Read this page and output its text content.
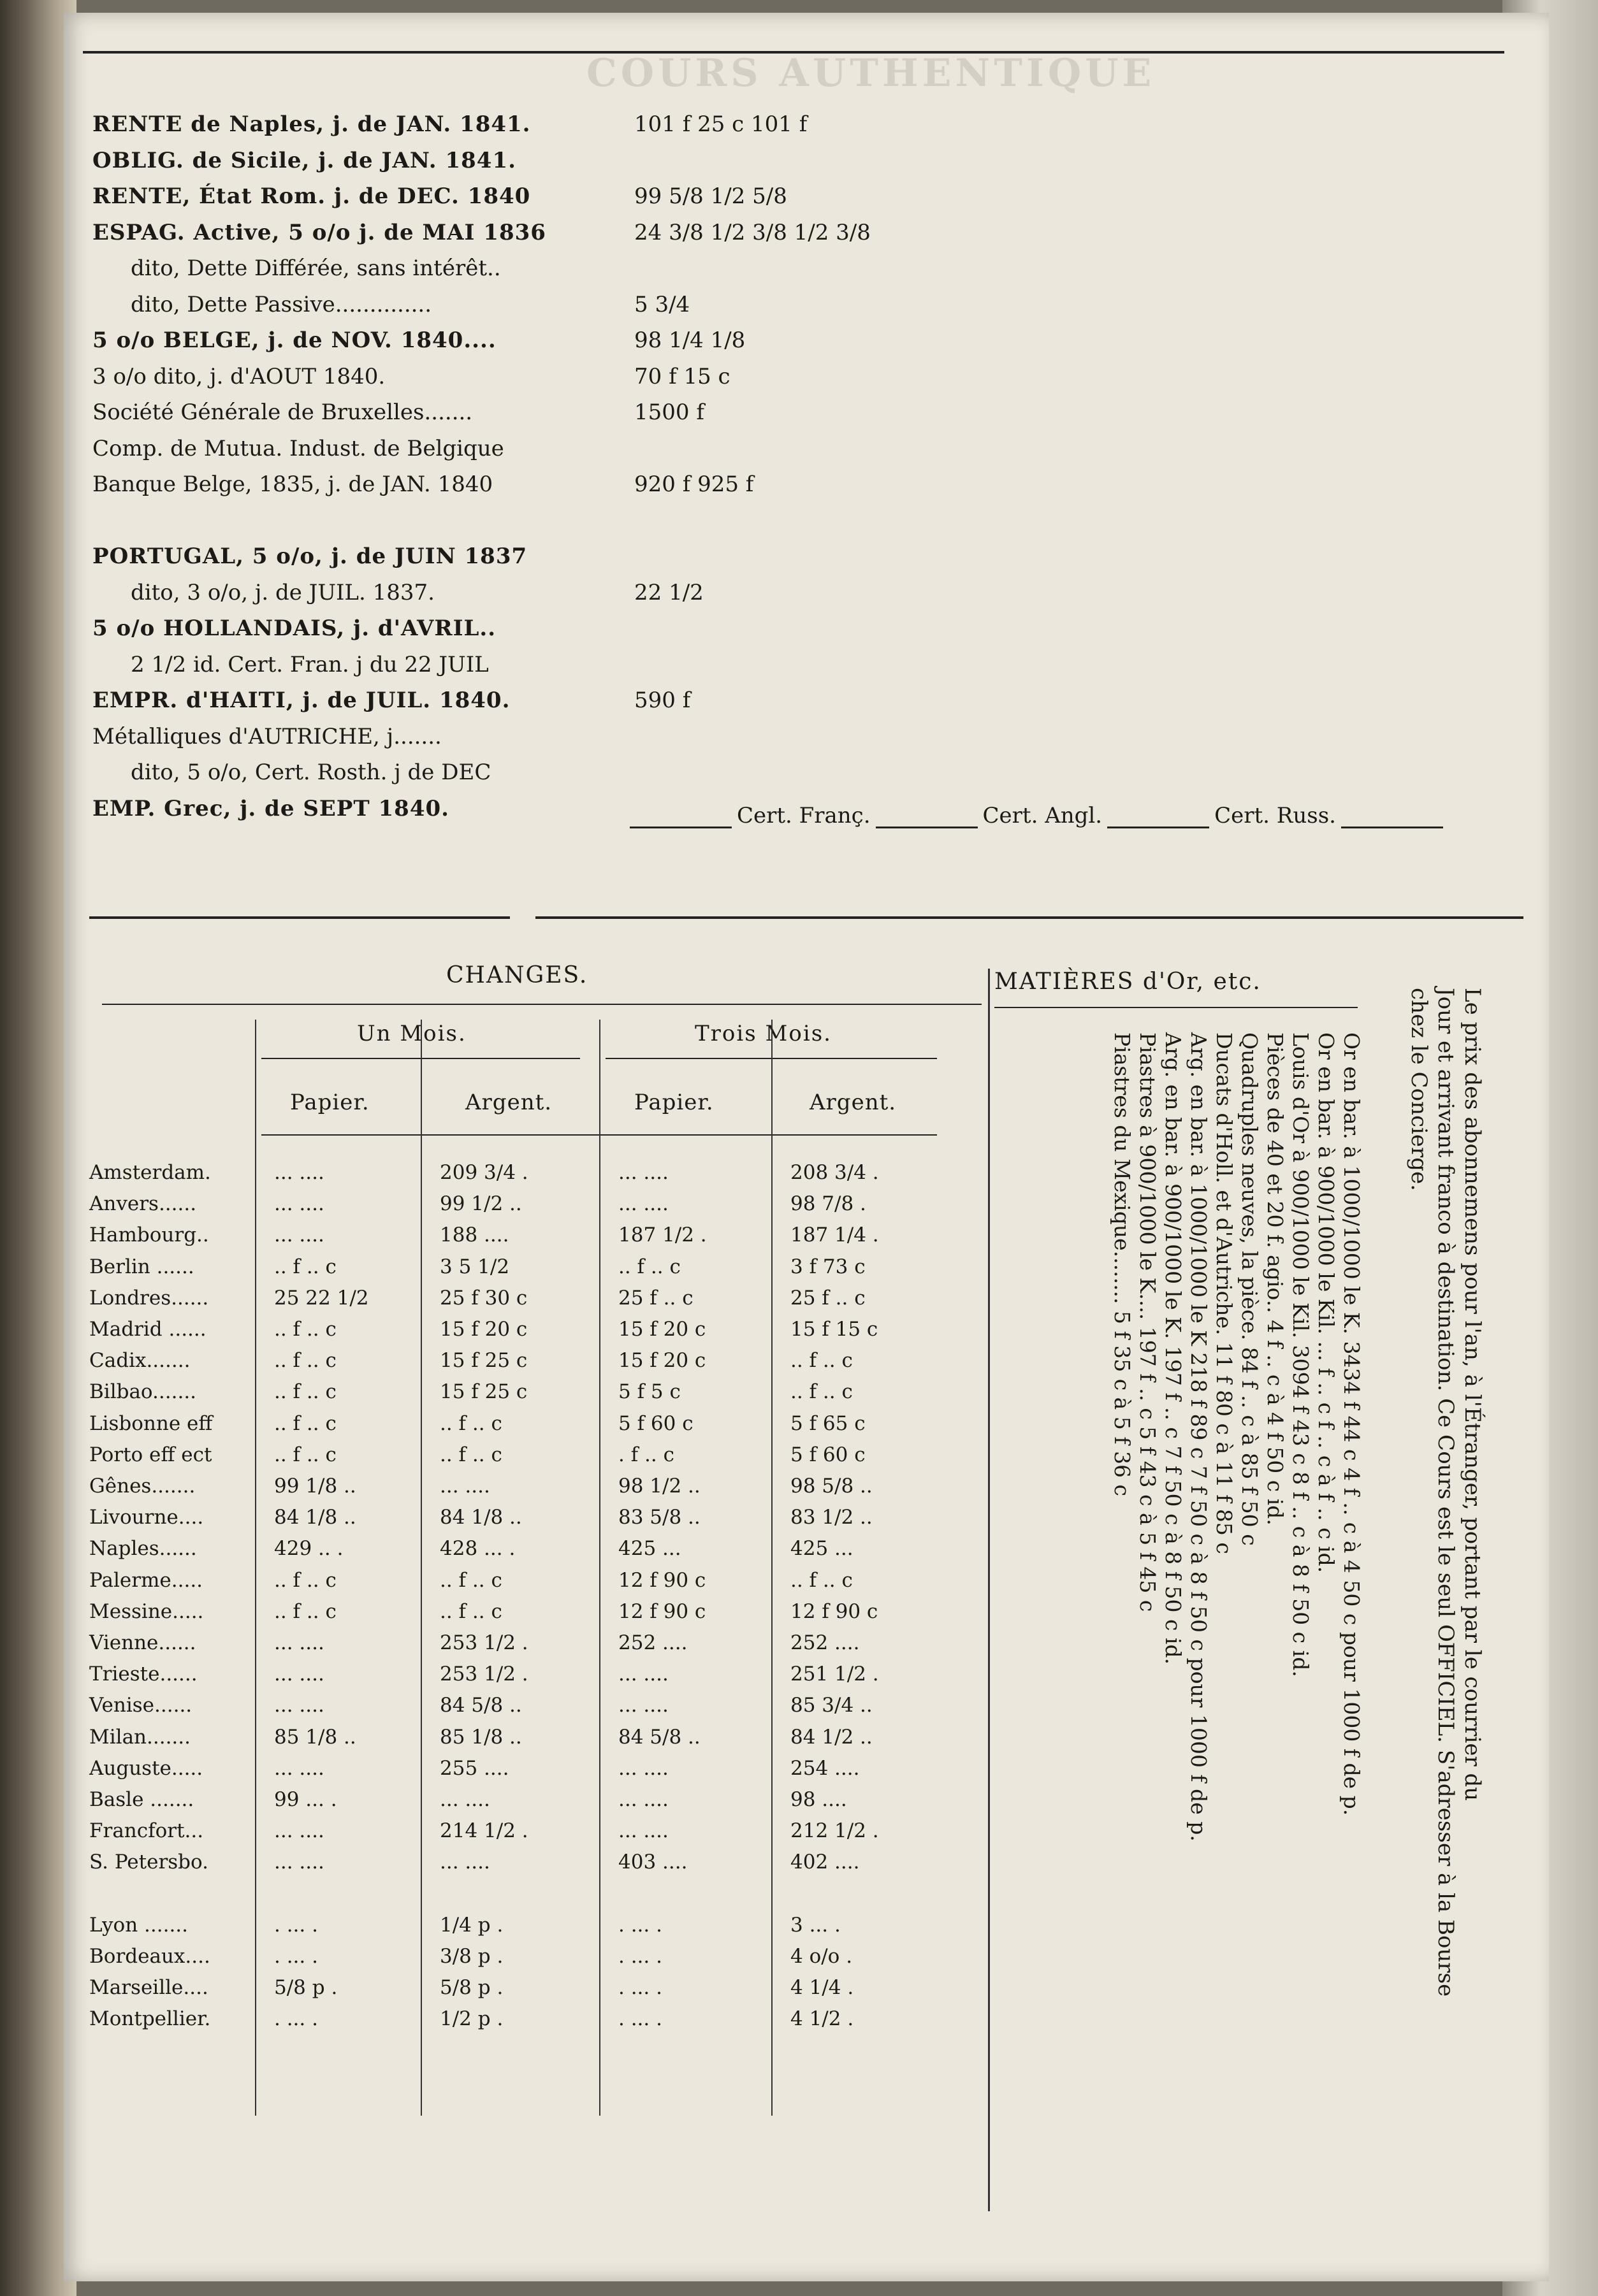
COURS AUTHENTIQUE
RENTE de Naples, j. de JAN. 1841.	101 f 25 c 101 f
OBLIG. de Sicile, j. de JAN. 1841.
RENTE, État Rom. j. de DEC. 1840	99 5/8 1/2 5/8
ESPAG. Active, 5 o/o j. de MAI 1836	24 3/8 1/2 3/8 1/2 3/8
dito, Dette Différée, sans intérêt..
dito, Dette Passive..............	5 3/4
5 o/o BELGE, j. de NOV. 1840....	98 1/4 1/8
3 o/o dito, j. d'AOUT 1840.	70 f 15 c
Société Générale de Bruxelles.......	1500 f
Comp. de Mutua. Indust. de Belgique
Banque Belge, 1835, j. de JAN. 1840	920 f 925 f
PORTUGAL, 5 o/o, j. de JUIN 1837
dito, 3 o/o, j. de JUIL. 1837.	22 1/2
5 o/o HOLLANDAIS, j. d'AVRIL..
2 1/2 id. Cert. Fran. j du 22 JUIL
EMPR. d'HAITI, j. de JUIL. 1840.	590 f
Métalliques d'AUTRICHE, j.......
dito, 5 o/o, Cert. Rosth. j de DEC
EMP. Grec, j. de SEPT 1840.	Cert. Franç.	Cert. Angl.	Cert. Russ.
CHANGES.
Un Mois.	Trois Mois.
Papier.	Argent.	Papier.	Argent.
Amsterdam.	... ....	209 3/4 .	... ....	208 3/4 .
Anvers......	... ....	99 1/2 ..	... ....	98 7/8 .
Hambourg..	... ....	188 ....	187 1/2 .	187 1/4 .
Berlin ......	.. f .. c	3 5 1/2	.. f .. c	3 f 73 c
Londres......	25 22 1/2	25 f 30 c	25 f .. c	25 f .. c
Madrid ......	.. f .. c	15 f 20 c	15 f 20 c	15 f 15 c
Cadix.......	.. f .. c	15 f 25 c	15 f 20 c	.. f .. c
Bilbao.......	.. f .. c	15 f 25 c	5 f 5 c	.. f .. c
Lisbonne eff	.. f .. c	.. f .. c	5 f 60 c	5 f 65 c
Porto eff ect	.. f .. c	.. f .. c	. f .. c	5 f 60 c
Gênes.......	99 1/8 ..	... ....	98 1/2 ..	98 5/8 ..
Livourne....	84 1/8 ..	84 1/8 ..	83 5/8 ..	83 1/2 ..
Naples......	429 .. .	428 ... .	425 ...	425 ...
Palerme.....	.. f .. c	.. f .. c	12 f 90 c	.. f .. c
Messine.....	.. f .. c	.. f .. c	12 f 90 c	12 f 90 c
Vienne......	... ....	253 1/2 .	252 ....	252 ....
Trieste......	... ....	253 1/2 .	... ....	251 1/2 .
Venise......	... ....	84 5/8 ..	... ....	85 3/4 ..
Milan.......	85 1/8 ..	85 1/8 ..	84 5/8 ..	84 1/2 ..
Auguste.....	... ....	255 ....	... ....	254 ....
Basle .......	99 ... .	... ....	... ....	98 ....
Francfort...	... ....	214 1/2 .	... ....	212 1/2 .
S. Petersbo.	... ....	... ....	403 ....	402 ....
Lyon .......	. ... .	1/4 p .	. ... .	3 ... .
Bordeaux....	. ... .	3/8 p .	. ... .	4 o/o .
Marseille....	5/8 p .	5/8 p .	. ... .	4 1/4 .
Montpellier.	. ... .	1/2 p .	. ... .	4 1/2 .
MATIÈRES d'Or, etc.
Or en bar. à 1000/1000 le K. 3434 f 44 c 4 f .. c à 4 50 c pour 1000 f de p.
Or en bar. à 900/1000 le Kil. ... f .. c f .. c à f .. c id.
Louis d'Or à 900/1000 le Kil. 3094 f 43 c 8 f .. c à 8 f 50 c id.
Pièces de 40 et 20 f. agio.. 4 f .. c à 4 f 50 c id.
Quadruples neuves, la pièce. 84 f .. c à 85 f 50 c
Ducats d'Holl. et d'Autriche. 11 f 80 c à 11 f 85 c
Arg. en bar. à 1000/1000 le K 218 f 89 c 7 f 50 c à 8 f 50 c pour 1000 f de p.
Arg. en bar. à 900/1000 le K. 197 f .. c 7 f 50 c à 8 f 50 c id.
Piastres à 900/1000 le K.... 197 f .. c 5 f 43 c à 5 f 45 c
Piastres du Mexique........ 5 f 35 c à 5 f 36 c	Le prix des abonnemens pour l'an, à l'Étranger, portant par le courrier du
Jour et arrivant franco à destination. Ce Cours est le seul OFFICIEL. S'adresser à la Bourse
chez le Concierge.
